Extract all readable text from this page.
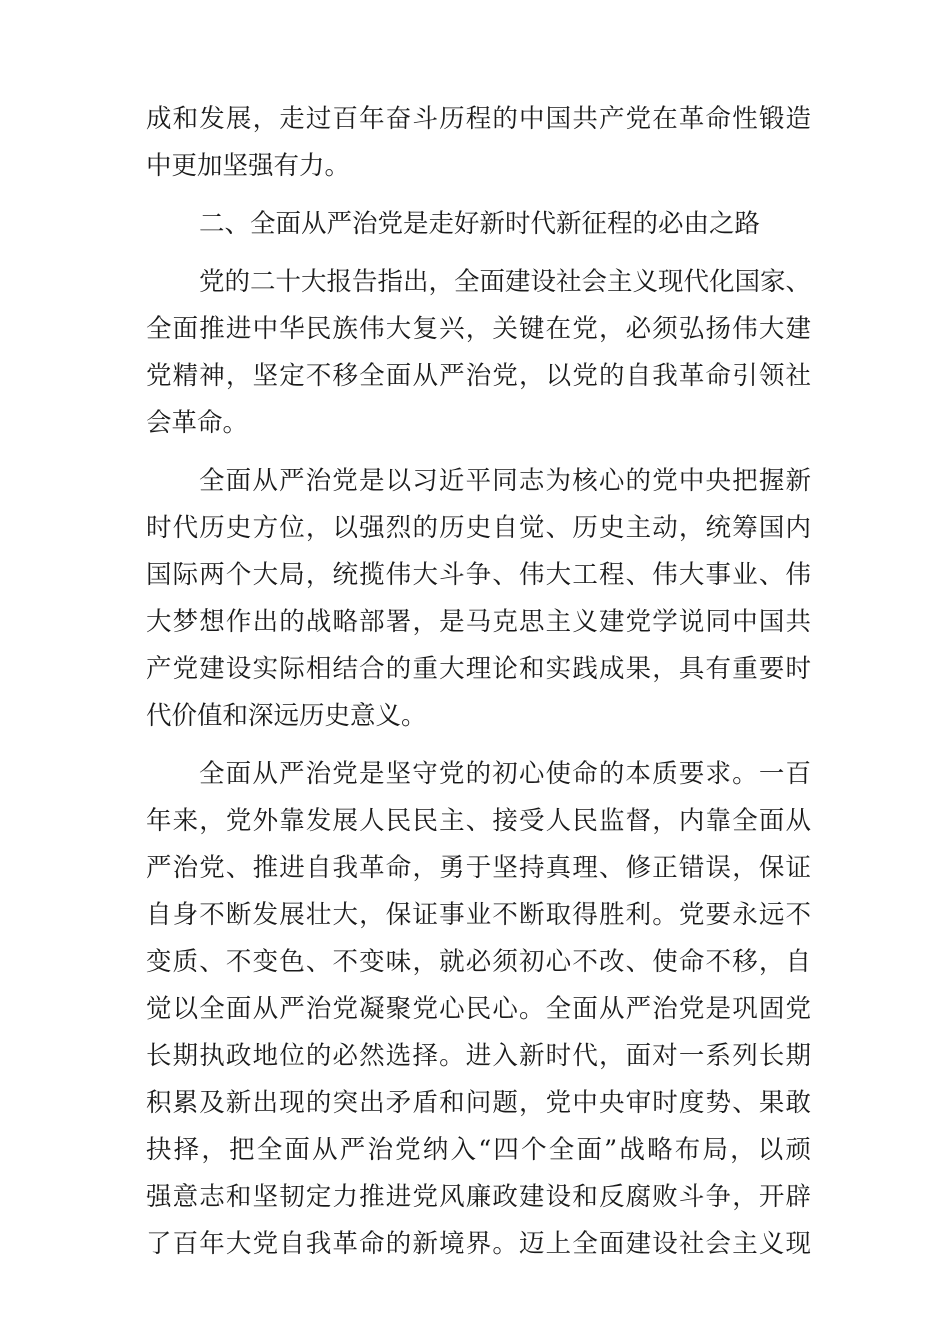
成和发展，走过百年奋斗历程的中国共产党在革命性锻造
中更加坚强有力。
二、全面从严治党是走好新时代新征程的必由之路
党的二十大报告指出，全面建设社会主义现代化国家、
全面推进中华民族伟大复兴，关键在党，必须弘扬伟大建
党精神，坚定不移全面从严治党，以党的自我革命引领社
会革命。
全面从严治党是以习近平同志为核心的党中央把握新
时代历史方位，以强烈的历史自觉、历史主动，统筹国内
国际两个大局，统揽伟大斗争、伟大工程、伟大事业、伟
大梦想作出的战略部署，是马克思主义建党学说同中国共
产党建设实际相结合的重大理论和实践成果，具有重要时
代价值和深远历史意义。
全面从严治党是坚守党的初心使命的本质要求。一百
年来，党外靠发展人民民主、接受人民监督，内靠全面从
严治党、推进自我革命，勇于坚持真理、修正错误，保证
自身不断发展壮大，保证事业不断取得胜利。党要永远不
变质、不变色、不变味，就必须初心不改、使命不移，自
觉以全面从严治党凝聚党心民心。全面从严治党是巩固党
长期执政地位的必然选择。进入新时代，面对一系列长期
积累及新出现的突出矛盾和问题，党中央审时度势、果敢
抉择，把全面从严治党纳入“四个全面”战略布局，以顽
强意志和坚韧定力推进党风廉政建设和反腐败斗争，开辟
了百年大党自我革命的新境界。迈上全面建设社会主义现
